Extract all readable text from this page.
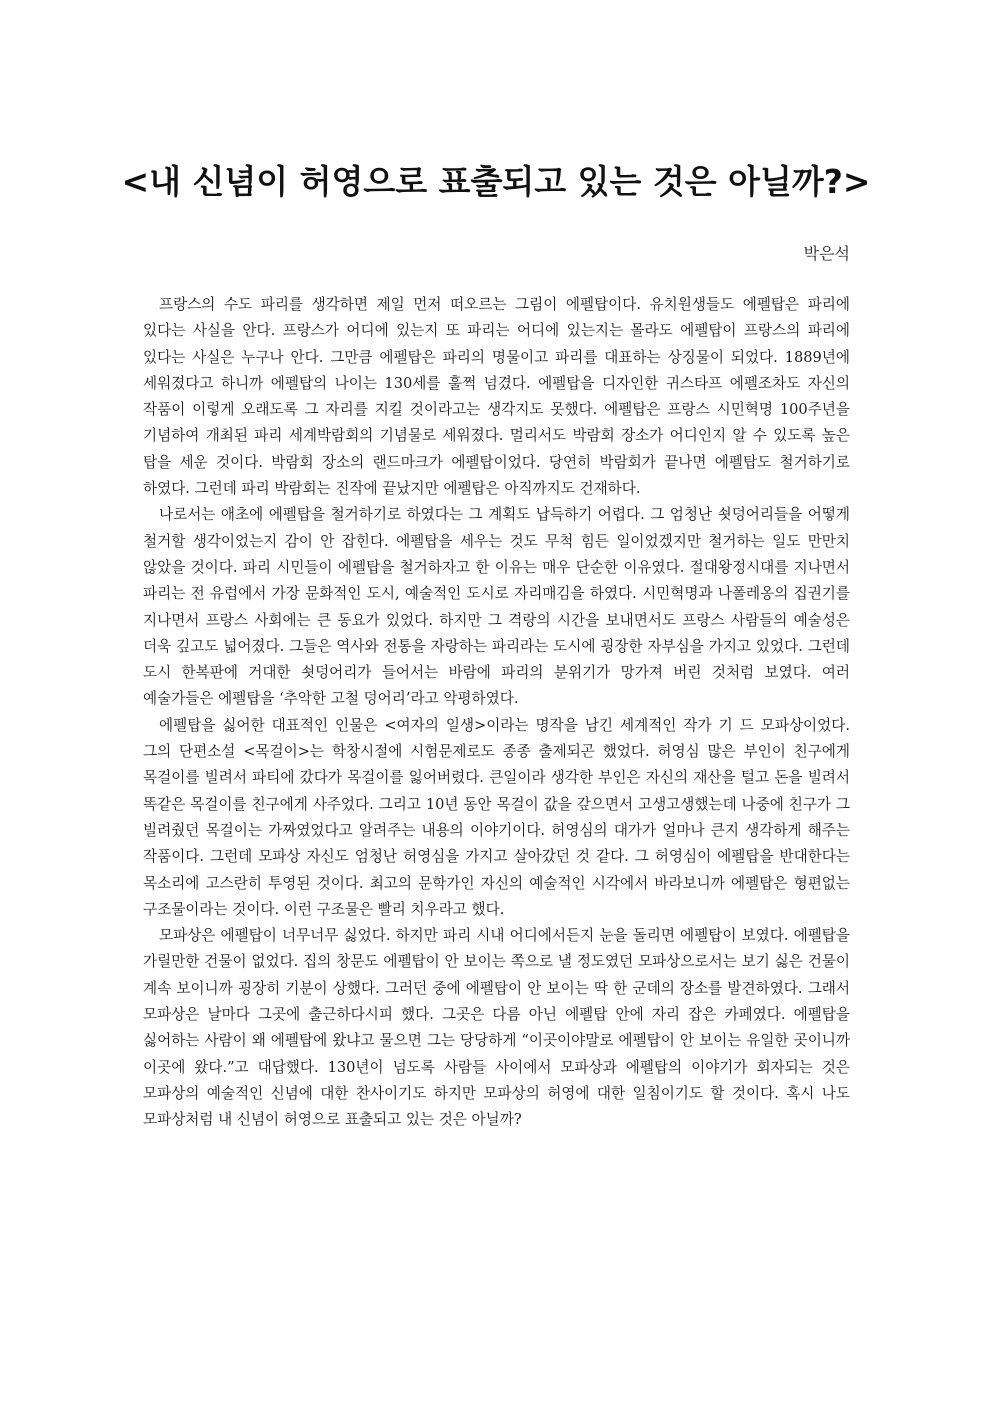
<내 신념이 허영으로 표출되고 있는 것은 아닐까?>

박은석

프랑스의 수도 파리를 생각하면 제일 먼저 떠오르는 그림이 에펠탑이다. 유치원생들도 에펠탑은 파리에 있다는 사실을 안다. 프랑스가 어디에 있는지 또 파리는 어디에 있는지는 몰라도 에펠탑이 프랑스의 파리에 있다는 사실은 누구나 안다. 그만큼 에펠탑은 파리의 명물이고 파리를 대표하는 상징물이 되었다. 1889년에 세워졌다고 하니까 에펠탑의 나이는 130세를 훌쩍 넘겼다. 에펠탑을 디자인한 귀스타프 에펠조차도 자신의 작품이 이렇게 오래도록 그 자리를 지킬 것이라고는 생각지도 못했다. 에펠탑은 프랑스 시민혁명 100주년을 기념하여 개최된 파리 세계박람회의 기념물로 세워졌다. 멀리서도 박람회 장소가 어디인지 알 수 있도록 높은 탑을 세운 것이다. 박람회 장소의 랜드마크가 에펠탑이었다. 당연히 박람회가 끝나면 에펠탑도 철거하기로 하였다. 그런데 파리 박람회는 진작에 끝났지만 에펠탑은 아직까지도 건재하다.

나로서는 애초에 에펠탑을 철거하기로 하였다는 그 계획도 납득하기 어렵다. 그 엄청난 쇳덩어리들을 어떻게 철거할 생각이었는지 감이 안 잡힌다. 에펠탑을 세우는 것도 무척 힘든 일이었겠지만 철거하는 일도 만만치 않았을 것이다. 파리 시민들이 에펠탑을 철거하자고 한 이유는 매우 단순한 이유였다. 절대왕정시대를 지나면서 파리는 전 유럽에서 가장 문화적인 도시, 예술적인 도시로 자리매김을 하였다. 시민혁명과 나폴레옹의 집권기를 지나면서 프랑스 사회에는 큰 동요가 있었다. 하지만 그 격랑의 시간을 보내면서도 프랑스 사람들의 예술성은 더욱 깊고도 넓어졌다. 그들은 역사와 전통을 자랑하는 파리라는 도시에 굉장한 자부심을 가지고 있었다. 그런데 도시 한복판에 거대한 쇳덩어리가 들어서는 바람에 파리의 분위기가 망가져 버린 것처럼 보였다. 여러 예술가들은 에펠탑을 ‘추악한 고철 덩어리’라고 악평하였다.

에펠탑을 싫어한 대표적인 인물은 <여자의 일생>이라는 명작을 남긴 세계적인 작가 기 드 모파상이었다. 그의 단편소설 <목걸이>는 학창시절에 시험문제로도 종종 출제되곤 했었다. 허영심 많은 부인이 친구에게 목걸이를 빌려서 파티에 갔다가 목걸이를 잃어버렸다. 큰일이라 생각한 부인은 자신의 재산을 털고 돈을 빌려서 똑같은 목걸이를 친구에게 사주었다. 그리고 10년 동안 목걸이 값을 갚으면서 고생고생했는데 나중에 친구가 그 빌려줬던 목걸이는 가짜였었다고 알려주는 내용의 이야기이다. 허영심의 대가가 얼마나 큰지 생각하게 해주는 작품이다. 그런데 모파상 자신도 엄청난 허영심을 가지고 살아갔던 것 같다. 그 허영심이 에펠탑을 반대한다는 목소리에 고스란히 투영된 것이다. 최고의 문학가인 자신의 예술적인 시각에서 바라보니까 에펠탑은 형편없는 구조물이라는 것이다. 이런 구조물은 빨리 치우라고 했다.

모파상은 에펠탑이 너무너무 싫었다. 하지만 파리 시내 어디에서든지 눈을 돌리면 에펠탑이 보였다. 에펠탑을 가릴만한 건물이 없었다. 집의 창문도 에펠탑이 안 보이는 쪽으로 낼 정도였던 모파상으로서는 보기 싫은 건물이 계속 보이니까 굉장히 기분이 상했다. 그러던 중에 에펠탑이 안 보이는 딱 한 군데의 장소를 발견하였다. 그래서 모파상은 날마다 그곳에 출근하다시피 했다. 그곳은 다름 아닌 에펠탑 안에 자리 잡은 카페였다. 에펠탑을 싫어하는 사람이 왜 에펠탑에 왔냐고 물으면 그는 당당하게 “이곳이야말로 에펠탑이 안 보이는 유일한 곳이니까 이곳에 왔다.”고 대답했다. 130년이 넘도록 사람들 사이에서 모파상과 에펠탑의 이야기가 회자되는 것은 모파상의 예술적인 신념에 대한 찬사이기도 하지만 모파상의 허영에 대한 일침이기도 할 것이다. 혹시 나도 모파상처럼 내 신념이 허영으로 표출되고 있는 것은 아닐까?
